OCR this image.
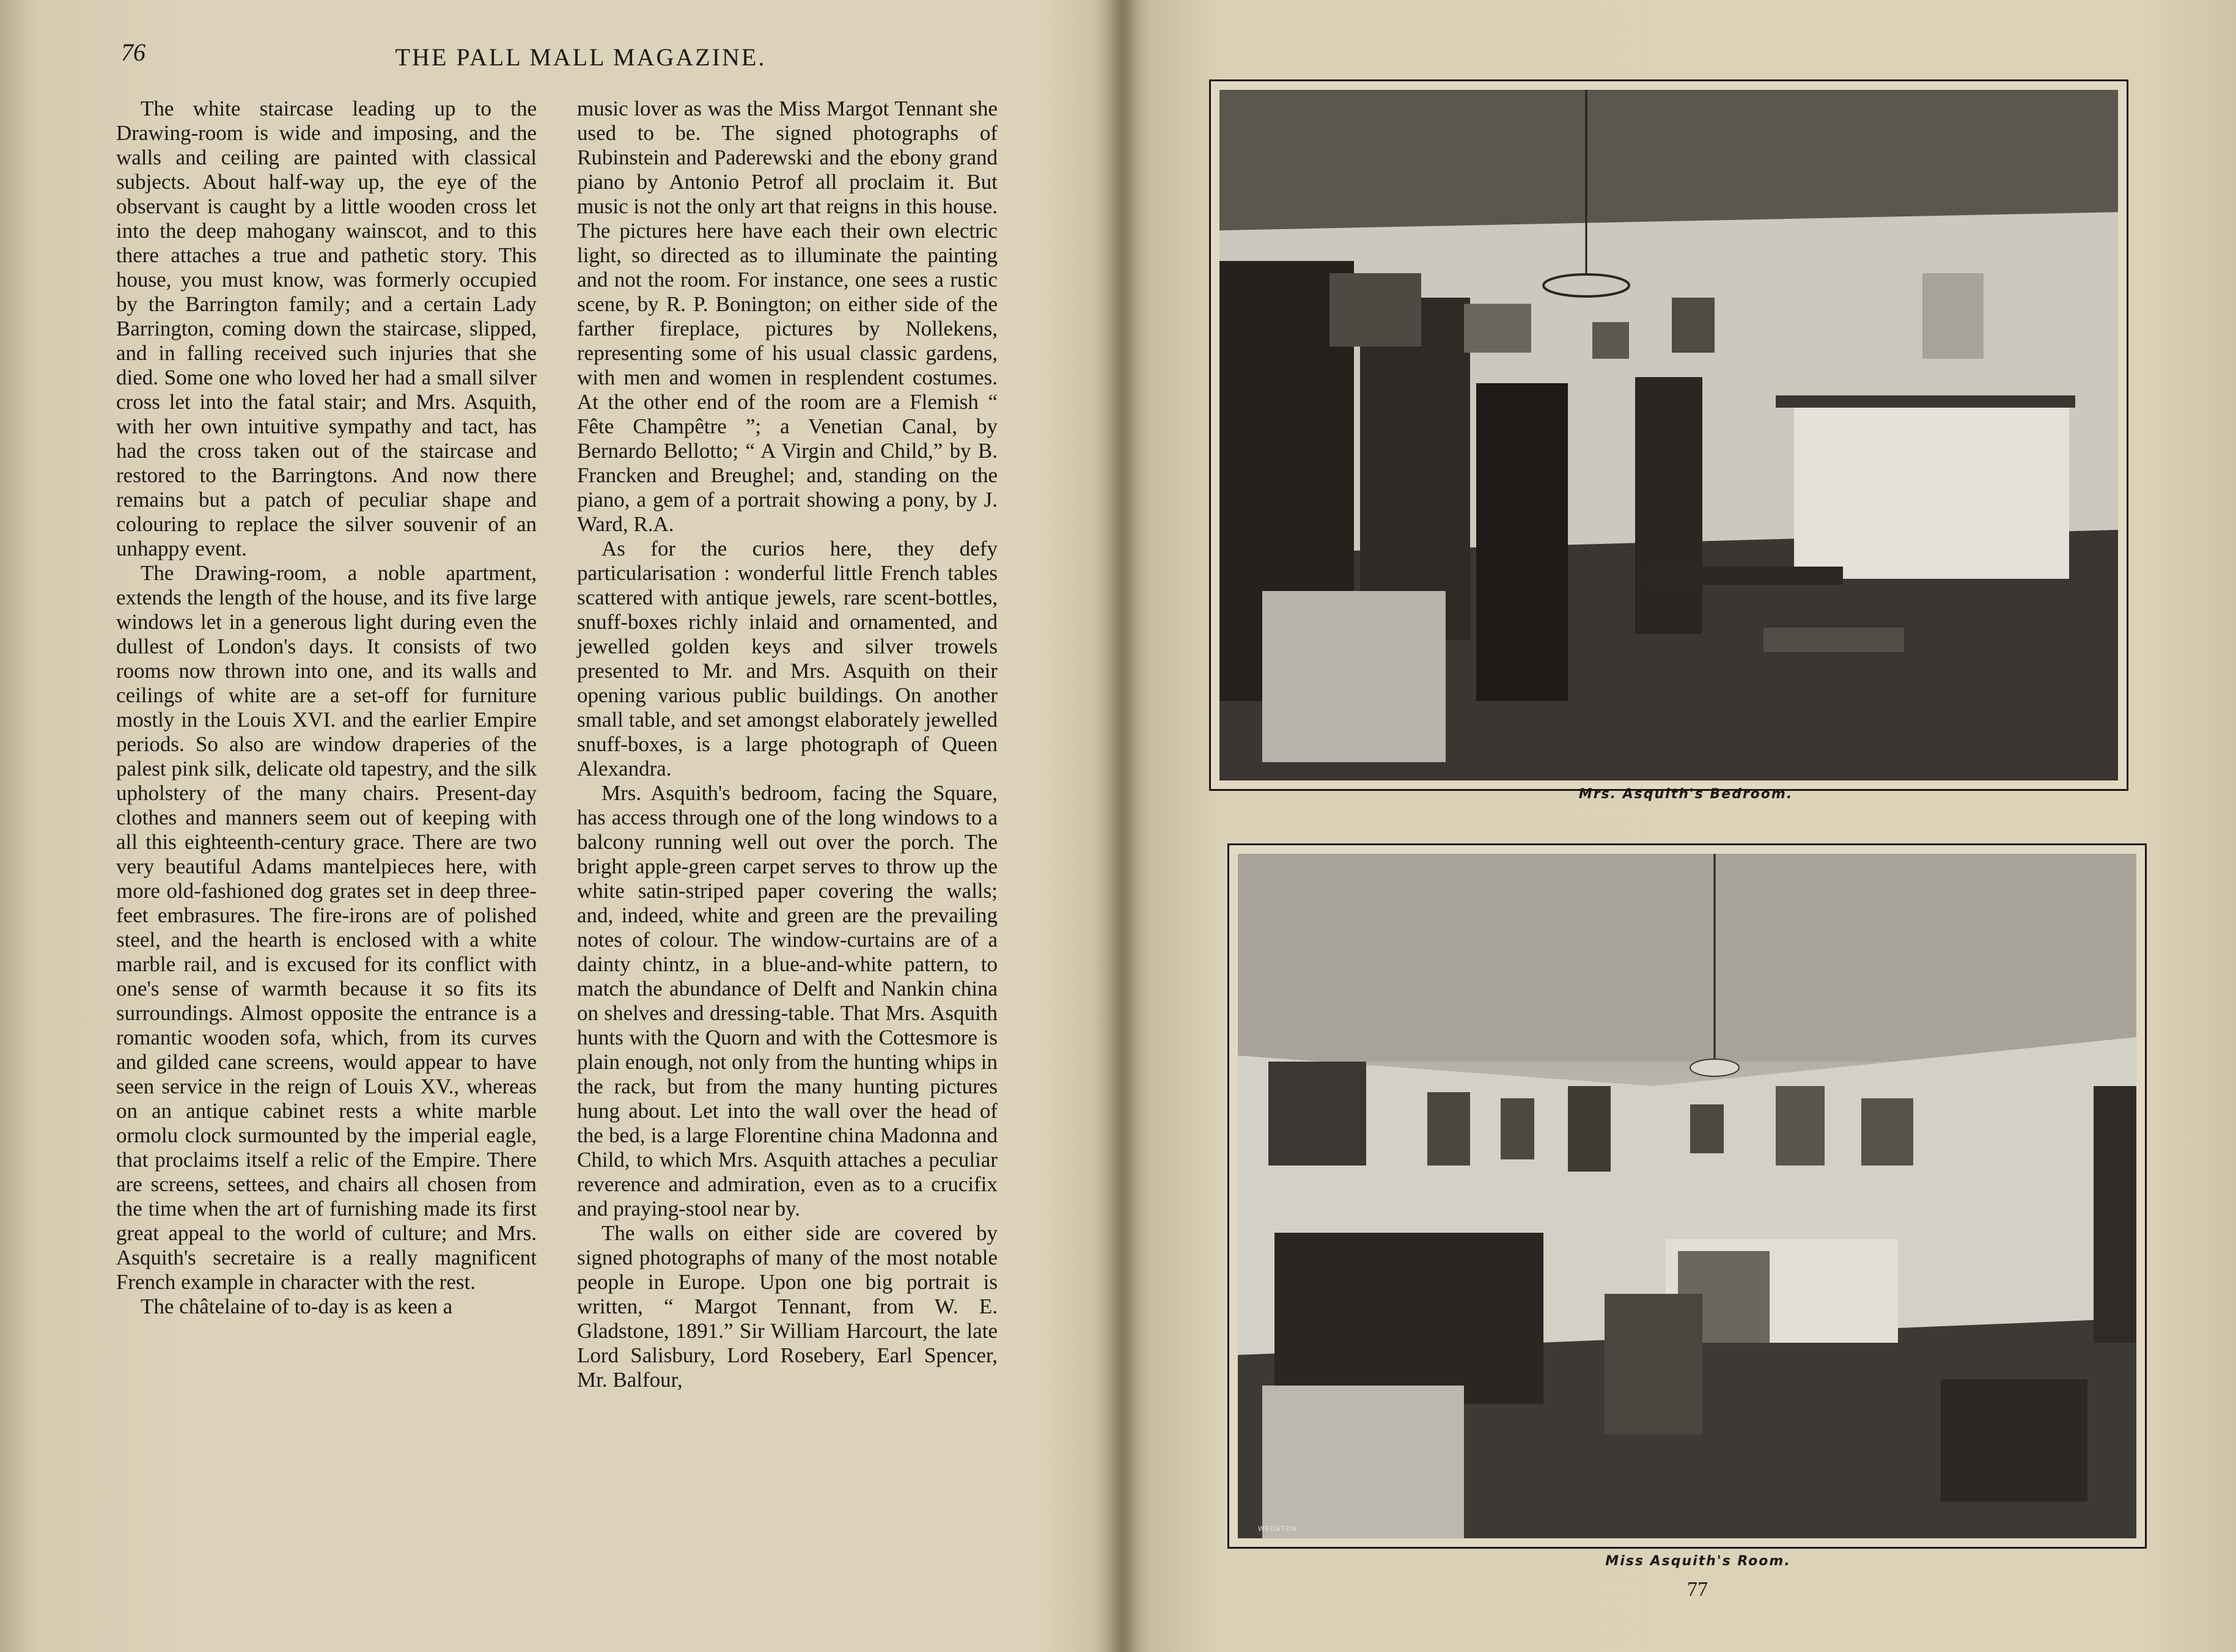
76	THE PALL MALL MAGAZINE.

The white staircase leading up to the Drawing-room is wide and imposing, and the walls and ceiling are painted with classical subjects. About half-way up, the eye of the observant is caught by a little wooden cross let into the deep mahogany wainscot, and to this there attaches a true and pathetic story. This house, you must know, was formerly occupied by the Barrington family; and a certain Lady Barrington, coming down the staircase, slipped, and in falling received such injuries that she died. Some one who loved her had a small silver cross let into the fatal stair; and Mrs. Asquith, with her own intuitive sympathy and tact, has had the cross taken out of the staircase and restored to the Barringtons. And now there remains but a patch of peculiar shape and colouring to replace the silver souvenir of an unhappy event.

The Drawing-room, a noble apartment, extends the length of the house, and its five large windows let in a generous light during even the dullest of London's days. It consists of two rooms now thrown into one, and its walls and ceilings of white are a set-off for furniture mostly in the Louis XVI. and the earlier Empire periods. So also are window draperies of the palest pink silk, delicate old tapestry, and the silk upholstery of the many chairs. Present-day clothes and manners seem out of keeping with all this eighteenth-century grace. There are two very beautiful Adams mantelpieces here, with more old-fashioned dog grates set in deep three-feet embrasures. The fire-irons are of polished steel, and the hearth is enclosed with a white marble rail, and is excused for its conflict with one's sense of warmth because it so fits its surroundings. Almost opposite the entrance is a romantic wooden sofa, which, from its curves and gilded cane screens, would appear to have seen service in the reign of Louis XV., whereas on an antique cabinet rests a white marble ormolu clock surmounted by the imperial eagle, that proclaims itself a relic of the Empire. There are screens, settees, and chairs all chosen from the time when the art of furnishing made its first great appeal to the world of culture; and Mrs. Asquith's secretaire is a really magnificent French example in character with the rest.

The châtelaine of to-day is as keen a

music lover as was the Miss Margot Tennant she used to be. The signed photographs of Rubinstein and Paderewski and the ebony grand piano by Antonio Petrof all proclaim it. But music is not the only art that reigns in this house. The pictures here have each their own electric light, so directed as to illuminate the painting and not the room. For instance, one sees a rustic scene, by R. P. Bonington; on either side of the farther fireplace, pictures by Nollekens, representing some of his usual classic gardens, with men and women in resplendent costumes. At the other end of the room are a Flemish “ Fête Champêtre ”; a Venetian Canal, by Bernardo Bellotto; “ A Virgin and Child,” by B. Francken and Breughel; and, standing on the piano, a gem of a portrait showing a pony, by J. Ward, R.A.

As for the curios here, they defy particularisation : wonderful little French tables scattered with antique jewels, rare scent-bottles, snuff-boxes richly inlaid and ornamented, and jewelled golden keys and silver trowels presented to Mr. and Mrs. Asquith on their opening various public buildings. On another small table, and set amongst elaborately jewelled snuff-boxes, is a large photograph of Queen Alexandra.

Mrs. Asquith's bedroom, facing the Square, has access through one of the long windows to a balcony running well out over the porch. The bright apple-green carpet serves to throw up the white satin-striped paper covering the walls; and, indeed, white and green are the prevailing notes of colour. The window-curtains are of a dainty chintz, in a blue-and-white pattern, to match the abundance of Delft and Nankin china on shelves and dressing-table. That Mrs. Asquith hunts with the Quorn and with the Cottesmore is plain enough, not only from the hunting whips in the rack, but from the many hunting pictures hung about. Let into the wall over the head of the bed, is a large Florentine china Madonna and Child, to which Mrs. Asquith attaches a peculiar reverence and admiration, even as to a crucifix and praying-stool near by.

The walls on either side are covered by signed photographs of many of the most notable people in Europe. Upon one big portrait is written, “ Margot Tennant, from W. E. Gladstone, 1891.” Sir William Harcourt, the late Lord Salisbury, Lord Rosebery, Earl Spencer, Mr. Balfour,

Mrs. Asquith's Bedroom.
WEDSTON
Miss Asquith's Room.
77
